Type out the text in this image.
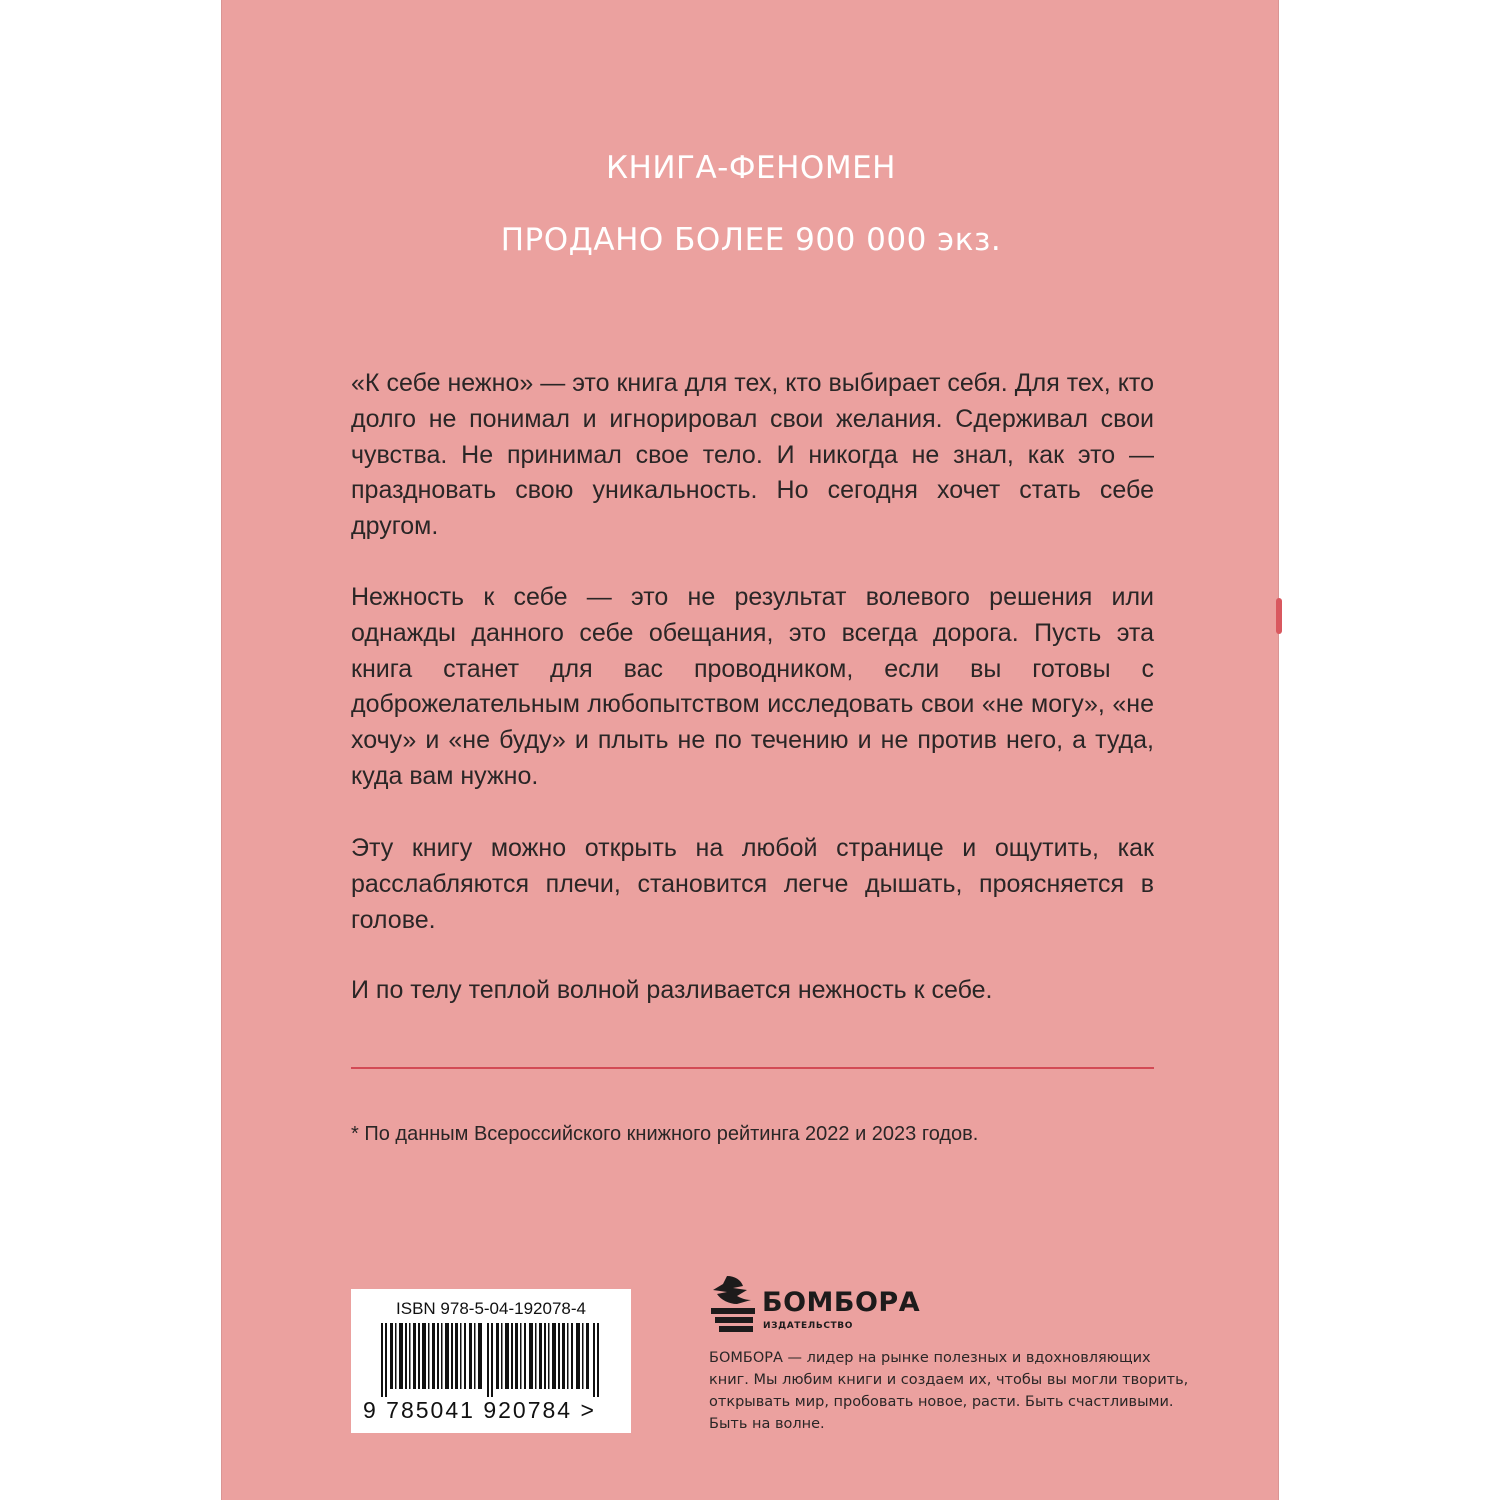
КНИГА-ФЕНОМЕН
ПРОДАНО БОЛЕЕ 900 000 экз.

«К себе нежно» — это книга для тех, кто выбирает себя. Для тех, кто долго не понимал и игнорировал свои желания. Сдерживал свои чувства. Не принимал свое тело. И никогда не знал, как это — праздновать свою уникальность. Но сегодня хочет стать себе другом.

Нежность к себе — это не результат волевого решения или однажды данного себе обещания, это всегда дорога. Пусть эта книга станет для вас проводником, если вы готовы с доброжелательным любопытством исследовать свои «не могу», «не хочу» и «не буду» и плыть не по течению и не против него, а туда, куда вам нужно.

Эту книгу можно открыть на любой странице и ощутить, как расслабляются плечи, становится легче дышать, проясняется в голове.

И по телу теплой волной разливается нежность к себе.

* По данным Всероссийского книжного рейтинга 2022 и 2023 годов.

ISBN 978-5-04-192078-4
9 785041 920784 >
БОМБОРА
ИЗДАТЕЛЬСТВО

БОМБОРА — лидер на рынке полезных и вдохновляющих книг. Мы любим книги и создаем их, чтобы вы могли творить, открывать мир, пробовать новое, расти. Быть счастливыми. Быть на волне.
